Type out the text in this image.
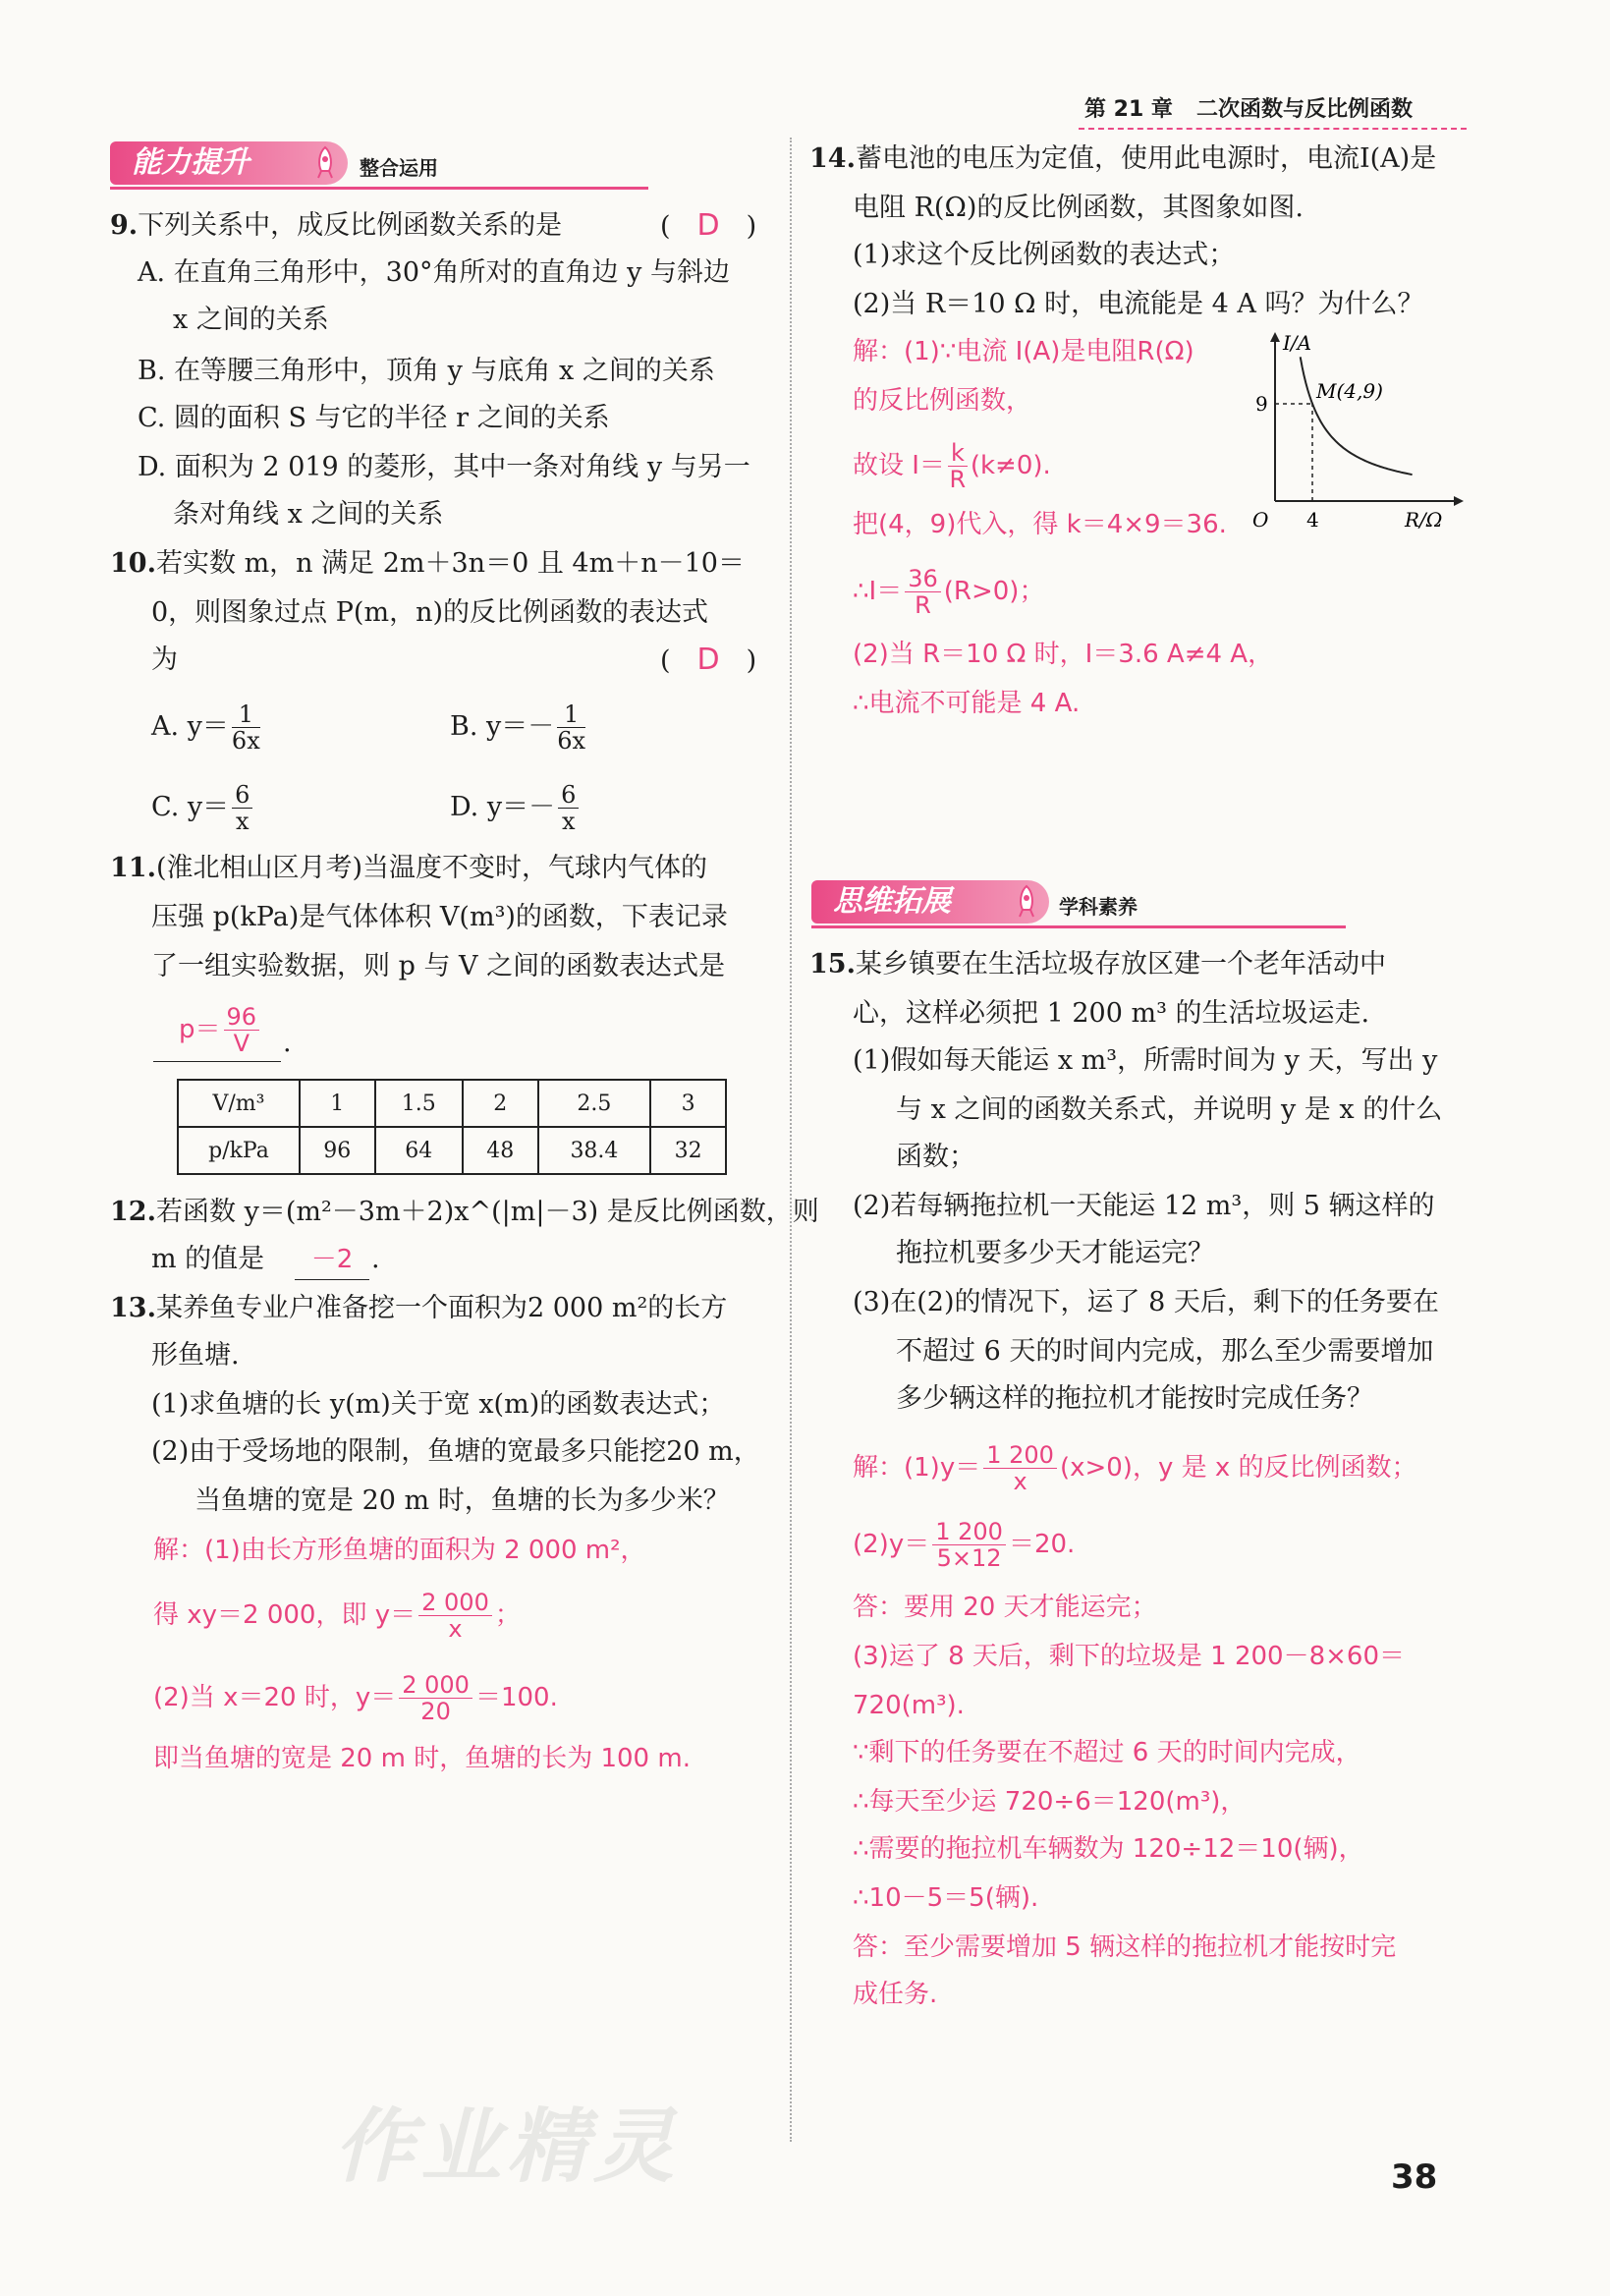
第 21 章 二次函数与反比例函数
能力提升	整合运用
9.下列关系中，成反比例函数关系的是	(　D　)
A. 在直角三角形中，30°角所对的直角边 y 与斜边
x 之间的关系
B. 在等腰三角形中，顶角 y 与底角 x 之间的关系
C. 圆的面积 S 与它的半径 r 之间的关系
D. 面积为 2 019 的菱形，其中一条对角线 y 与另一
条对角线 x 之间的关系
10.若实数 m，n 满足 2m＋3n＝0 且 4m＋n－10＝
0，则图象过点 P(m，n)的反比例函数的表达式
为	(　D　)
A. $y= \frac{1}{6x}$	B. $y=- \frac{1}{6x}$
C. $y= \frac{6}{x}$	D. $y=- \frac{6}{x}$
11.(淮北相山区月考)当温度不变时，气球内气体的
压强 p(kPa)是气体体积 V(m³)的函数，下表记录
了一组实验数据，则 p 与 V 之间的函数表达式是
$p= \frac{96}{V}$ .
V/m³	1	1.5	2	2.5	3
p/kPa	96	64	48	38.4	32
12.若函数 y＝(m²－3m＋2)x^(|m|－3) 是反比例函数，则
m 的值是	－2 .
13.某养鱼专业户准备挖一个面积为2 000 m²的长方
形鱼塘.
(1)求鱼塘的长 y(m)关于宽 x(m)的函数表达式；
(2)由于受场地的限制，鱼塘的宽最多只能挖20 m，
当鱼塘的宽是 20 m 时，鱼塘的长为多少米？
解：(1)由长方形鱼塘的面积为 2 000 m²，
得 xy＝2 000，即 $y= \frac{2 000}{x}$ ；
(2)当 x＝20 时，$y= \frac{2 000}{20} =100$.
即当鱼塘的宽是 20 m 时，鱼塘的长为 100 m.
14.蓄电池的电压为定值，使用此电源时，电流I(A)是
电阻 R(Ω)的反比例函数，其图象如图.
(1)求这个反比例函数的表达式；
(2)当 R＝10 Ω 时，电流能是 4 A 吗？为什么？
解：(1)∵电流 I(A)是电阻R(Ω)
的反比例函数，
故设 $I= \frac{k}{R} (k\ne 0)$.
把(4，9)代入，得 k＝4×9＝36.
∴I＝ $\frac{36}{R} (R>0)$；
(2)当 R＝10 Ω 时，I＝3.6 A≠4 A，
∴电流不可能是 4 A.
I/A
R/Ω
O 4
9
M(4,9)
思维拓展	学科素养
15.某乡镇要在生活垃圾存放区建一个老年活动中
心，这样必须把 1 200 m³ 的生活垃圾运走.
(1)假如每天能运 x m³，所需时间为 y 天，写出 y
与 x 之间的函数关系式，并说明 y 是 x 的什么
函数；
(2)若每辆拖拉机一天能运 12 m³，则 5 辆这样的
拖拉机要多少天才能运完？
(3)在(2)的情况下，运了 8 天后，剩下的任务要在
不超过 6 天的时间内完成，那么至少需要增加
多少辆这样的拖拉机才能按时完成任务？
解：$(1)y= \frac{1 200}{x} (x>0)$，y 是 x 的反比例函数；
$(2)y= \frac{1 200}{5\times 12} =20$.
答：要用 20 天才能运完；
(3)运了 8 天后，剩下的垃圾是 1 200－8×60＝
720(m³).
∵剩下的任务要在不超过 6 天的时间内完成，
∴每天至少运 720÷6＝120(m³)，
∴需要的拖拉机车辆数为 120÷12＝10(辆)，
∴10－5＝5(辆).
答：至少需要增加 5 辆这样的拖拉机才能按时完
成任务.
作业精灵	38
